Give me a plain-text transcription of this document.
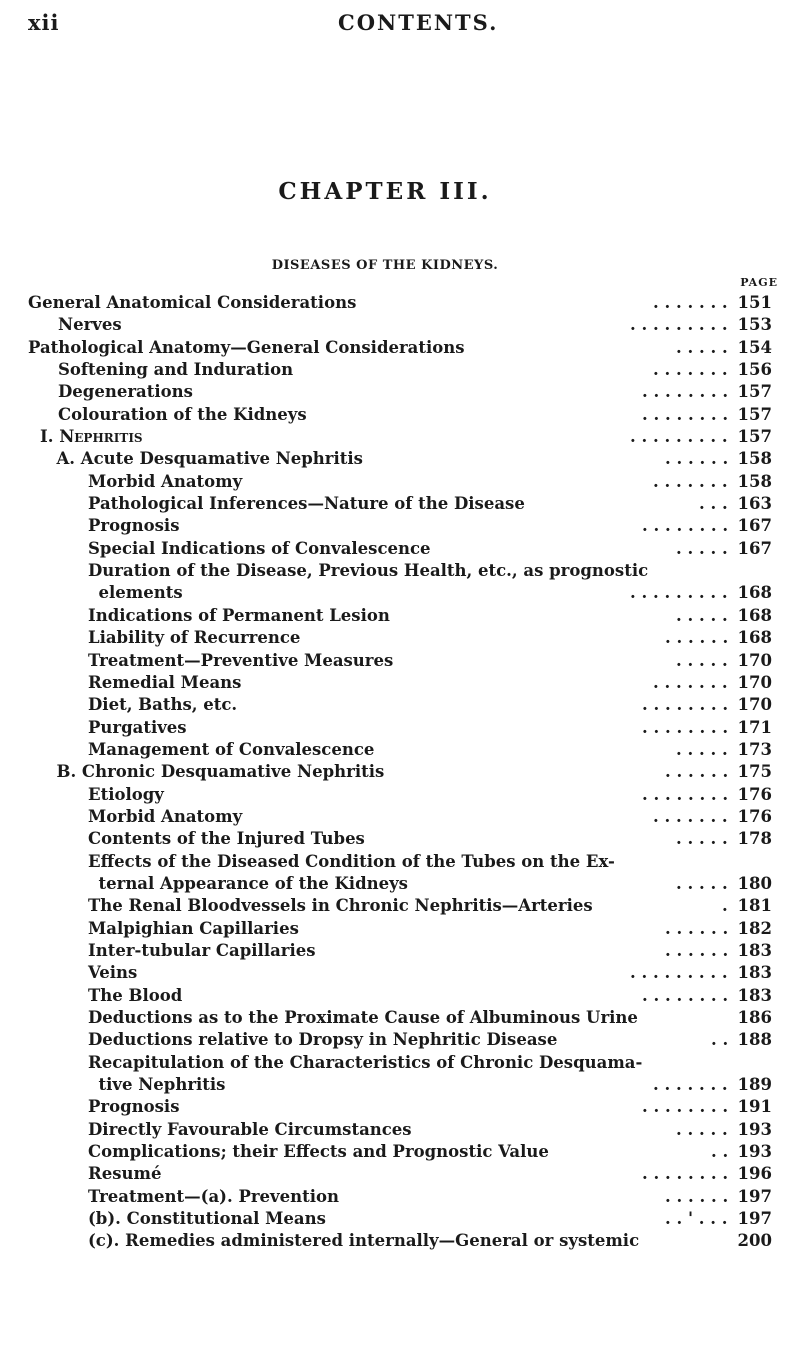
xii	CONTENTS.
CHAPTER III.
DISEASES OF THE KIDNEYS.
PAGE
General Anatomical Considerations	. . . . . . . 151
Nerves	. . . . . . . . . 153
Pathological Anatomy—General Considerations	. . . . . 154
Softening and Induration	. . . . . . . 156
Degenerations	. . . . . . . . 157
Colouration of the Kidneys	. . . . . . . . 157
I. Nephritis	. . . . . . . . . 157
A. Acute Desquamative Nephritis	. . . . . . 158
Morbid Anatomy	. . . . . . . 158
Pathological Inferences—Nature of the Disease	. . . 163
Prognosis	. . . . . . . . 167
Special Indications of Convalescence	. . . . . 167
Duration of the Disease, Previous Health, etc., as prognostic
elements	. . . . . . . . . 168
Indications of Permanent Lesion	. . . . . 168
Liability of Recurrence	. . . . . . 168
Treatment—Preventive Measures	. . . . . 170
Remedial Means	. . . . . . . 170
Diet, Baths, etc.	. . . . . . . . 170
Purgatives	. . . . . . . . 171
Management of Convalescence	. . . . . 173
B. Chronic Desquamative Nephritis	. . . . . . 175
Etiology	. . . . . . . . 176
Morbid Anatomy	. . . . . . . 176
Contents of the Injured Tubes	. . . . . 178
Effects of the Diseased Condition of the Tubes on the Ex-
ternal Appearance of the Kidneys	. . . . . 180
The Renal Bloodvessels in Chronic Nephritis—Arteries	. 181
Malpighian Capillaries	. . . . . . 182
Inter-tubular Capillaries	. . . . . . 183
Veins	. . . . . . . . . 183
The Blood	. . . . . . . . 183
Deductions as to the Proximate Cause of Albuminous Urine	186
Deductions relative to Dropsy in Nephritic Disease	. . 188
Recapitulation of the Characteristics of Chronic Desquama-
tive Nephritis	. . . . . . . 189
Prognosis	. . . . . . . . 191
Directly Favourable Circumstances	. . . . . 193
Complications; their Effects and Prognostic Value	. . 193
Resumé	. . . . . . . . 196
Treatment—(a). Prevention	. . . . . . 197
(b). Constitutional Means	. . ' . . . 197
(c). Remedies administered internally—General or systemic	200
